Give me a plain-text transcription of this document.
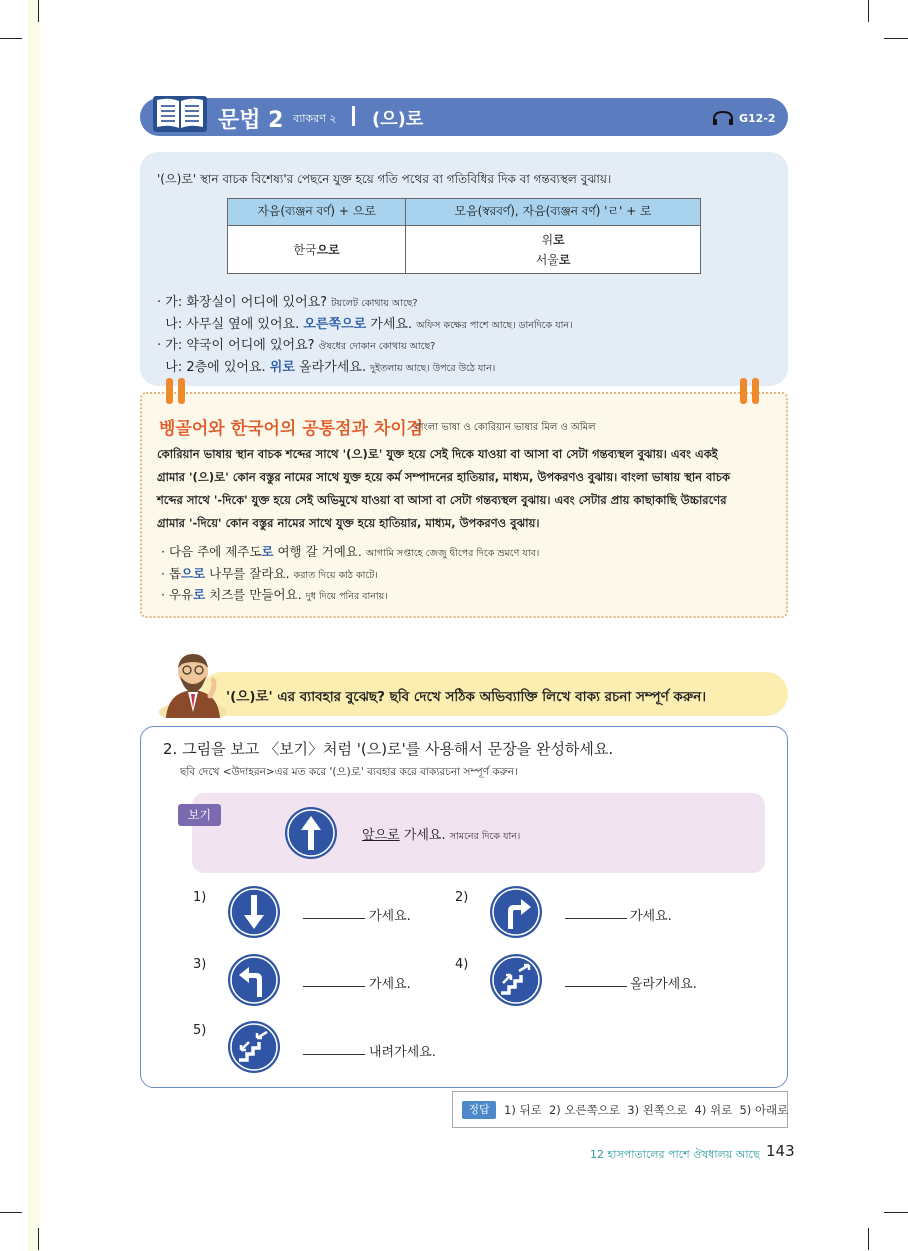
문법 2 ব্যাকরণ ২ (으)로	G12-2
'(으)로' স্থান বাচক বিশেষ্য'র পেছনে যুক্ত হয়ে গতি পথের বা গতিবিধির দিক বা গন্তব্যস্থল বুঝায়।
자음(ব্যঞ্জন বর্ণ) + 으로	모음(স্বরবর্ণ), 자음(ব্যঞ্জন বর্ণ) 'ㄹ' + 로
한국으로	위로
서울로
· 가: 화장실이 어디에 있어요? টয়লেট কোথায় আছে?
나: 사무실 옆에 있어요. 오른쪽으로 가세요. অফিস কক্ষের পাশে আছে। ডানদিকে যান।
· 가: 약국이 어디에 있어요? ঔষধের দোকান কোথায় আছে?
나: 2층에 있어요. 위로 올라가세요. দুইতলায় আছে। উপরে উঠে যান।
벵골어와 한국어의 공통점과 차이점
বাংলা ভাষা ও কোরিয়ান ভাষার মিল ও অমিল
কোরিয়ান ভাষায় স্থান বাচক শব্দের সাথে '(으)로' যুক্ত হয়ে সেই দিকে যাওয়া বা আসা বা সেটা গন্তব্যস্থল বুঝায়। এবং একই
গ্রামার '(으)로' কোন বস্তুর নামের সাথে যুক্ত হয়ে কর্ম সম্পাদনের হাতিয়ার, মাধ্যম, উপকরণও বুঝায়। বাংলা ভাষায় স্থান বাচক
শব্দের সাথে '-দিকে' যুক্ত হয়ে সেই অভিমুখে যাওয়া বা আসা বা সেটা গন্তব্যস্থল বুঝায়। এবং সেটার প্রায় কাছাকাছি উচ্চারণের
গ্রামার '-দিয়ে' কোন বস্তুর নামের সাথে যুক্ত হয়ে হাতিয়ার, মাধ্যম, উপকরণও বুঝায়।
· 다음 주에 제주도로 여행 갈 거예요. আগামি সপ্তাহে জেজু দ্বীপের দিকে ভ্রমণে যাব।
· 톱으로 나무를 잘라요. করাত দিয়ে কাঠ কাটে।
· 우유로 치즈를 만들어요. দুধ দিয়ে পনির বানায়।
'(으)로' এর ব্যাবহার বুঝেছ? ছবি দেখে সঠিক অভিব্যাক্তি লিখে বাক্য রচনা সম্পূর্ণ করুন।
2. 그림을 보고 〈보기〉처럼 '(으)로'를 사용해서 문장을 완성하세요.
ছবি দেখে <উদাহরন>এর মত করে '(으)로' ব্যবহার করে বাক্যরচনা সম্পূর্ণ করুন।
보기
앞으로 가세요. সামনের দিকে যান।
1)
가세요.
2)
가세요.
3)
가세요.
4)
올라가세요.
5)
내려가세요.
정답	1) 뒤로  2) 오른쪽으로  3) 왼쪽으로  4) 위로  5) 아래로
12 হাসপাতালের পাশে ঔষধালয় আছে 143
